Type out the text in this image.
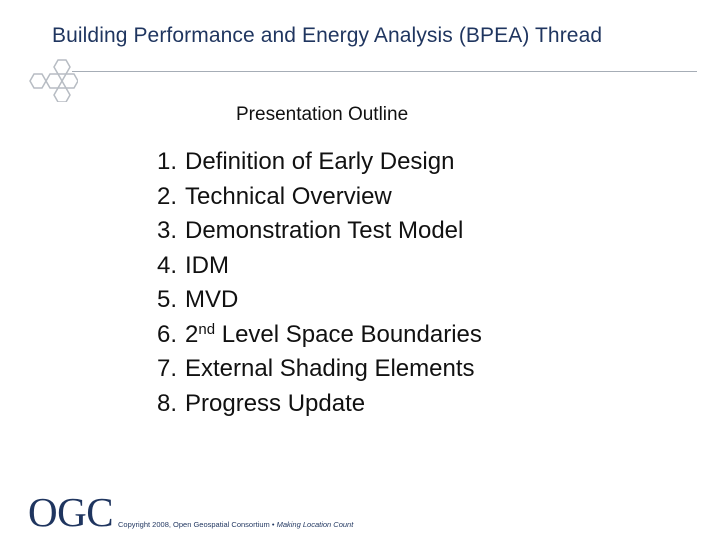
Building Performance and Energy Analysis (BPEA) Thread
Presentation Outline
1. Definition of Early Design
2. Technical Overview
3. Demonstration Test Model
4. IDM
5. MVD
6. 2nd Level Space Boundaries
7. External Shading Elements
8. Progress Update
OGC Copyright 2008, Open Geospatial Consortium • Making Location Count
